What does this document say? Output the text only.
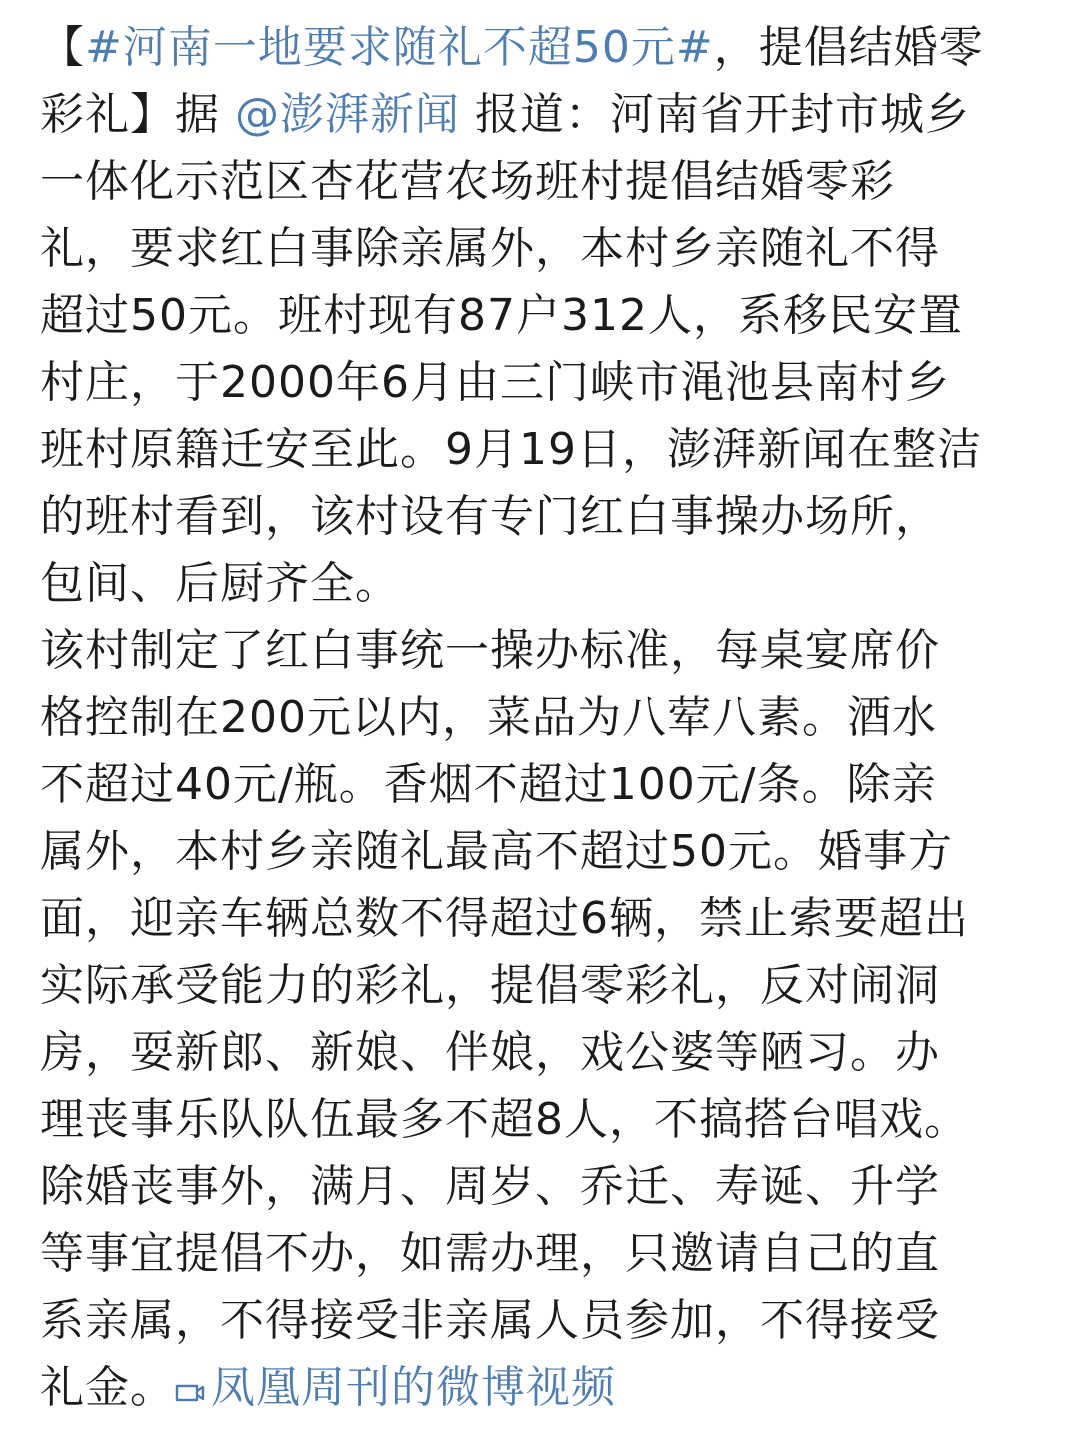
【#河南一地要求随礼不超50元#，提倡结婚零
彩礼】据 @澎湃新闻 报道：河南省开封市城乡
一体化示范区杏花营农场班村提倡结婚零彩
礼，要求红白事除亲属外，本村乡亲随礼不得
超过50元。班村现有87户312人，系移民安置
村庄，于2000年6月由三门峡市渑池县南村乡
班村原籍迁安至此。9月19日，澎湃新闻在整洁
的班村看到，该村设有专门红白事操办场所，
包间、后厨齐全。
该村制定了红白事统一操办标准，每桌宴席价
格控制在200元以内，菜品为八荤八素。酒水
不超过40元/瓶。香烟不超过100元/条。除亲
属外，本村乡亲随礼最高不超过50元。婚事方
面，迎亲车辆总数不得超过6辆，禁止索要超出
实际承受能力的彩礼，提倡零彩礼，反对闹洞
房，耍新郎、新娘、伴娘，戏公婆等陋习。办
理丧事乐队队伍最多不超8人，不搞搭台唱戏。
除婚丧事外，满月、周岁、乔迁、寿诞、升学
等事宜提倡不办，如需办理，只邀请自己的直
系亲属，不得接受非亲属人员参加，不得接受
礼金。 凤凰周刊的微博视频
